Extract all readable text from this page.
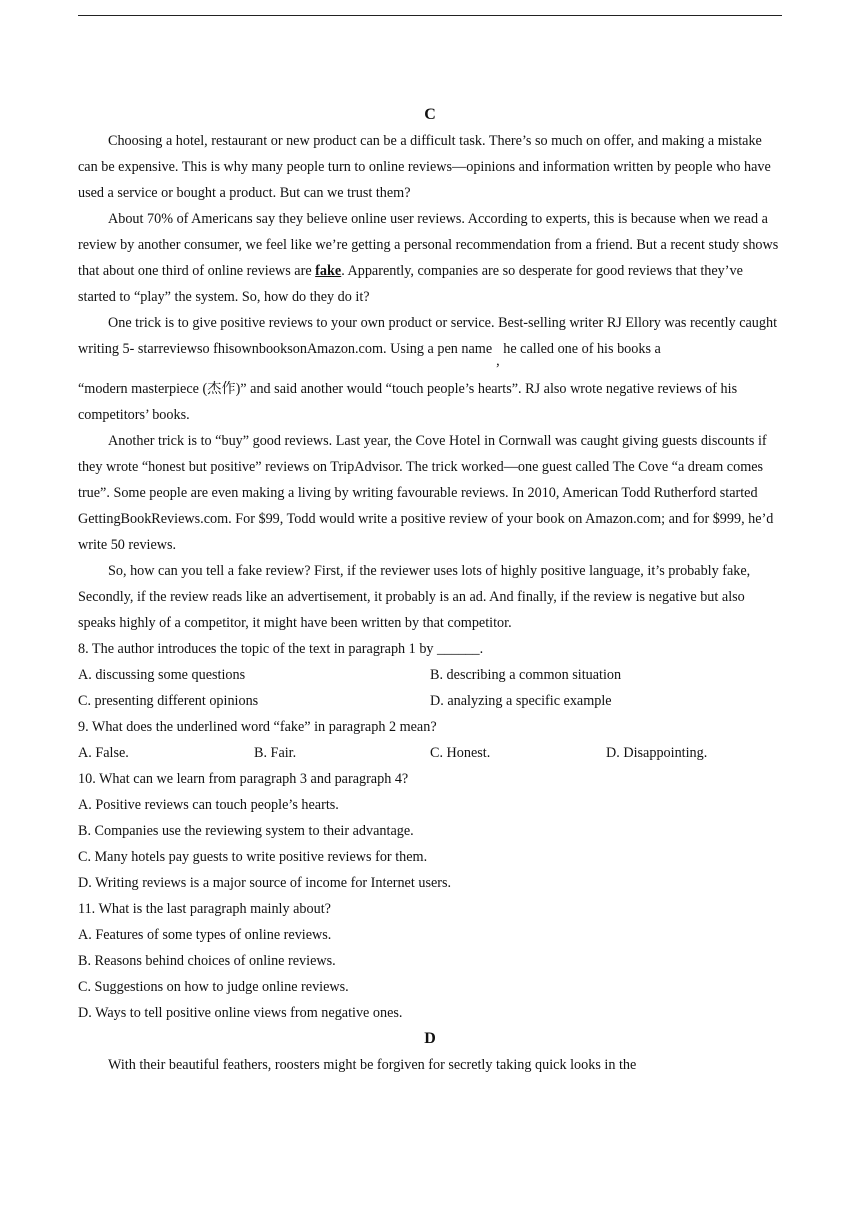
C

Choosing a hotel, restaurant or new product can be a difficult task. There’s so much on offer, and making a mistake can be expensive. This is why many people turn to online reviews—opinions and information written by people who have used a service or bought a product. But can we trust them?

About 70% of Americans say they believe online user reviews. According to experts, this is because when we read a review by another consumer, we feel like we’re getting a personal recommendation from a friend. But a recent study shows that about one third of online reviews are fake. Apparently, companies are so desperate for good reviews that they’ve started to “play” the system. So, how do they do it?

One trick is to give positive reviews to your own product or service. Best-selling writer RJ Ellory was recently caught writing 5- starreviewso fhisownbooksonAmazon.com. Using a pen name, he called one of his books a

“modern masterpiece (杰作)” and said another would “touch people’s hearts”. RJ also wrote negative reviews of his competitors’ books.

Another trick is to “buy” good reviews. Last year, the Cove Hotel in Cornwall was caught giving guests discounts if they wrote “honest but positive” reviews on TripAdvisor. The trick worked—one guest called The Cove “a dream comes true”. Some people are even making a living by writing favourable reviews. In 2010, American Todd Rutherford started GettingBookReviews.com. For $99, Todd would write a positive review of your book on Amazon.com; and for $999, he’d write 50 reviews.

So, how can you tell a fake review? First, if the reviewer uses lots of highly positive language, it’s probably fake, Secondly, if the review reads like an advertisement, it probably is an ad. And finally, if the review is negative but also speaks highly of a competitor, it might have been written by that competitor.

8. The author introduces the topic of the text in paragraph 1 by ______.

A. discussing some questions	B. describing a common situation

C. presenting different opinions	D. analyzing a specific example

9. What does the underlined word “fake” in paragraph 2 mean?

A. False.	B. Fair.	C. Honest.	D. Disappointing.

10. What can we learn from paragraph 3 and paragraph 4?

A. Positive reviews can touch people’s hearts.

B. Companies use the reviewing system to their advantage.

C. Many hotels pay guests to write positive reviews for them.

D. Writing reviews is a major source of income for Internet users.

11. What is the last paragraph mainly about?

A. Features of some types of online reviews.

B. Reasons behind choices of online reviews.

C. Suggestions on how to judge online reviews.

D. Ways to tell positive online views from negative ones.

D

With their beautiful feathers, roosters might be forgiven for secretly taking quick looks in the
